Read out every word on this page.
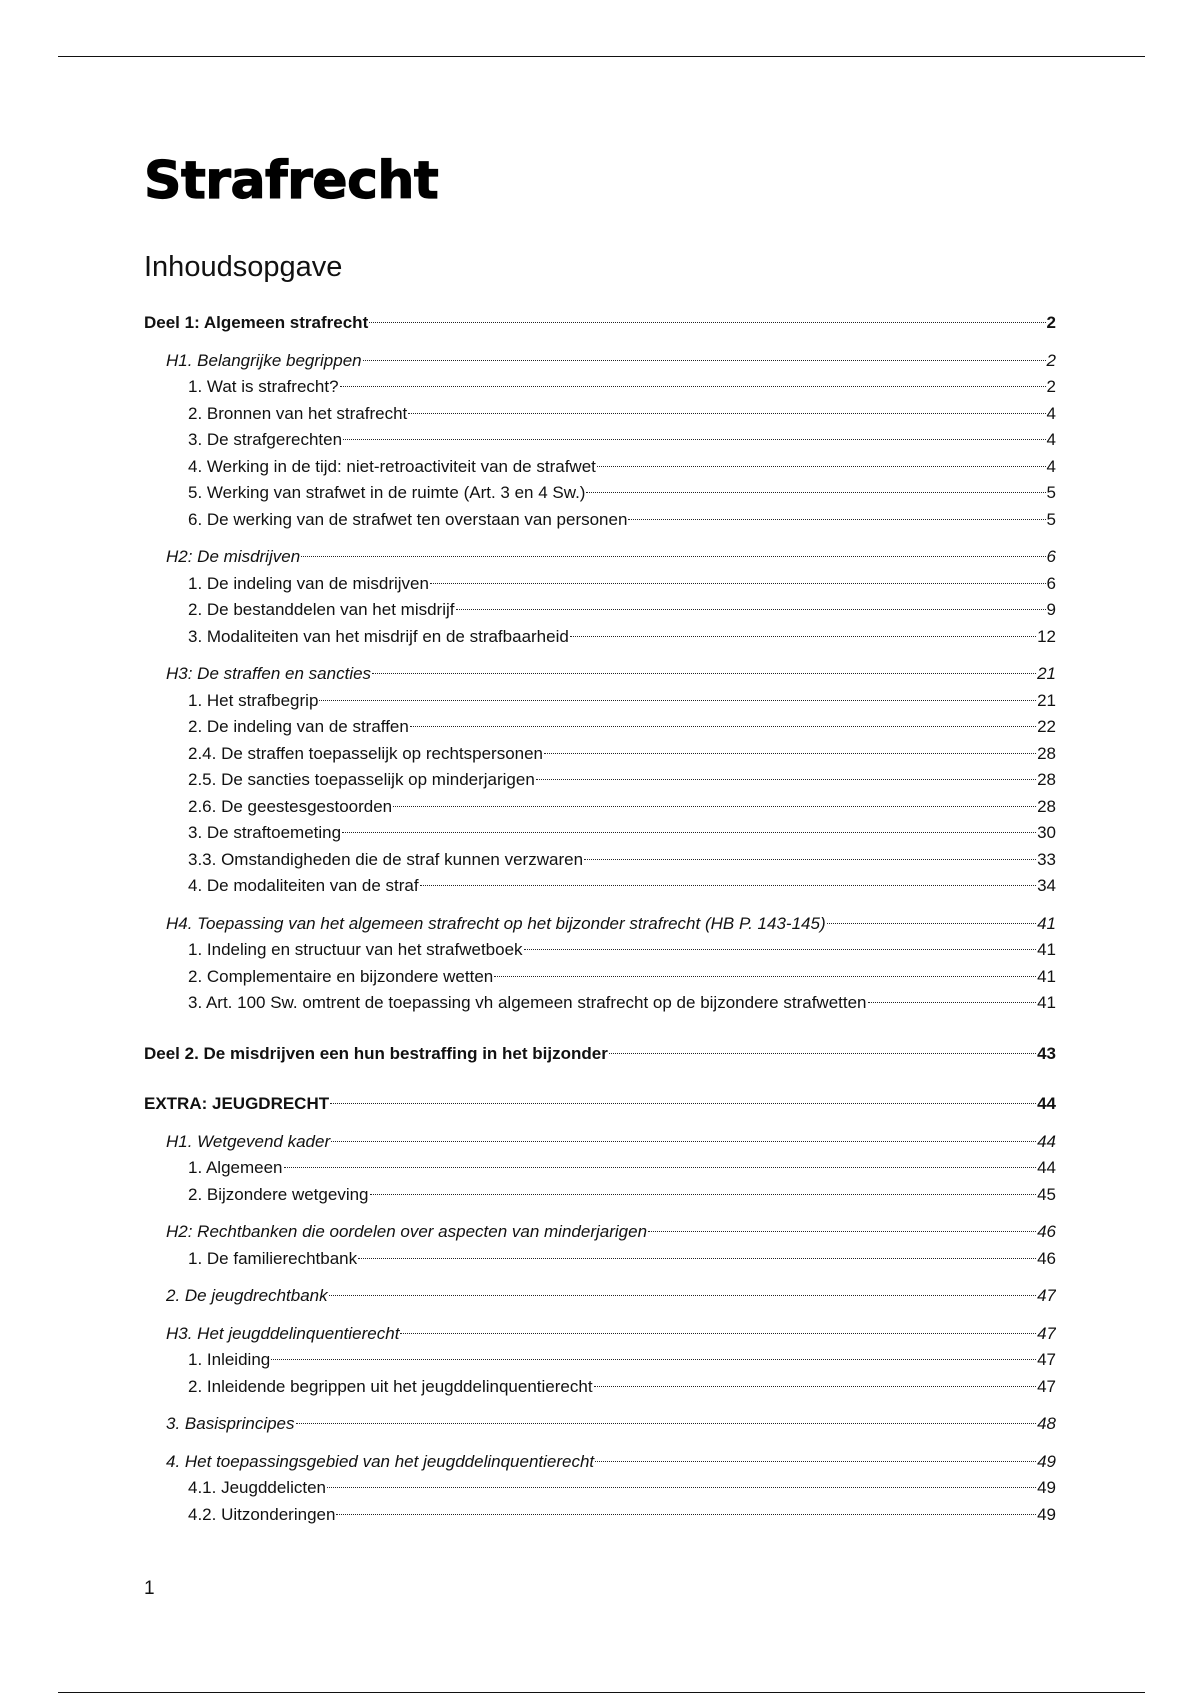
Strafrecht
Inhoudsopgave
Deel 1: Algemeen strafrecht	2
H1. Belangrijke begrippen	2
1. Wat is strafrecht?	2
2. Bronnen van het strafrecht	4
3. De strafgerechten	4
4. Werking in de tijd: niet-retroactiviteit van de strafwet	4
5. Werking van strafwet in de ruimte (Art. 3 en 4 Sw.)	5
6. De werking van de strafwet ten overstaan van personen	5
H2: De misdrijven	6
1. De indeling van de misdrijven	6
2. De bestanddelen van het misdrijf	9
3. Modaliteiten van het misdrijf en de strafbaarheid	12
H3: De straffen en sancties	21
1. Het strafbegrip	21
2. De indeling van de straffen	22
2.4. De straffen toepasselijk op rechtspersonen	28
2.5. De sancties toepasselijk op minderjarigen	28
2.6. De geestesgestoorden	28
3. De straftoemeting	30
3.3. Omstandigheden die de straf kunnen verzwaren	33
4. De modaliteiten van de straf	34
H4. Toepassing van het algemeen strafrecht op het bijzonder strafrecht (HB P. 143-145)	41
1. Indeling en structuur van het strafwetboek	41
2. Complementaire en bijzondere wetten	41
3. Art. 100 Sw. omtrent de toepassing vh algemeen strafrecht op de bijzondere strafwetten	41
Deel 2. De misdrijven een hun bestraffing in het bijzonder	43
EXTRA: JEUGDRECHT	44
H1. Wetgevend kader	44
1. Algemeen	44
2. Bijzondere wetgeving	45
H2: Rechtbanken die oordelen over aspecten van minderjarigen	46
1. De familierechtbank	46
2. De jeugdrechtbank	47
H3. Het jeugddelinquentierecht	47
1. Inleiding	47
2. Inleidende begrippen uit het jeugddelinquentierecht	47
3. Basisprincipes	48
4. Het toepassingsgebied van het jeugddelinquentierecht	49
4.1. Jeugddelicten	49
4.2. Uitzonderingen	49
1
